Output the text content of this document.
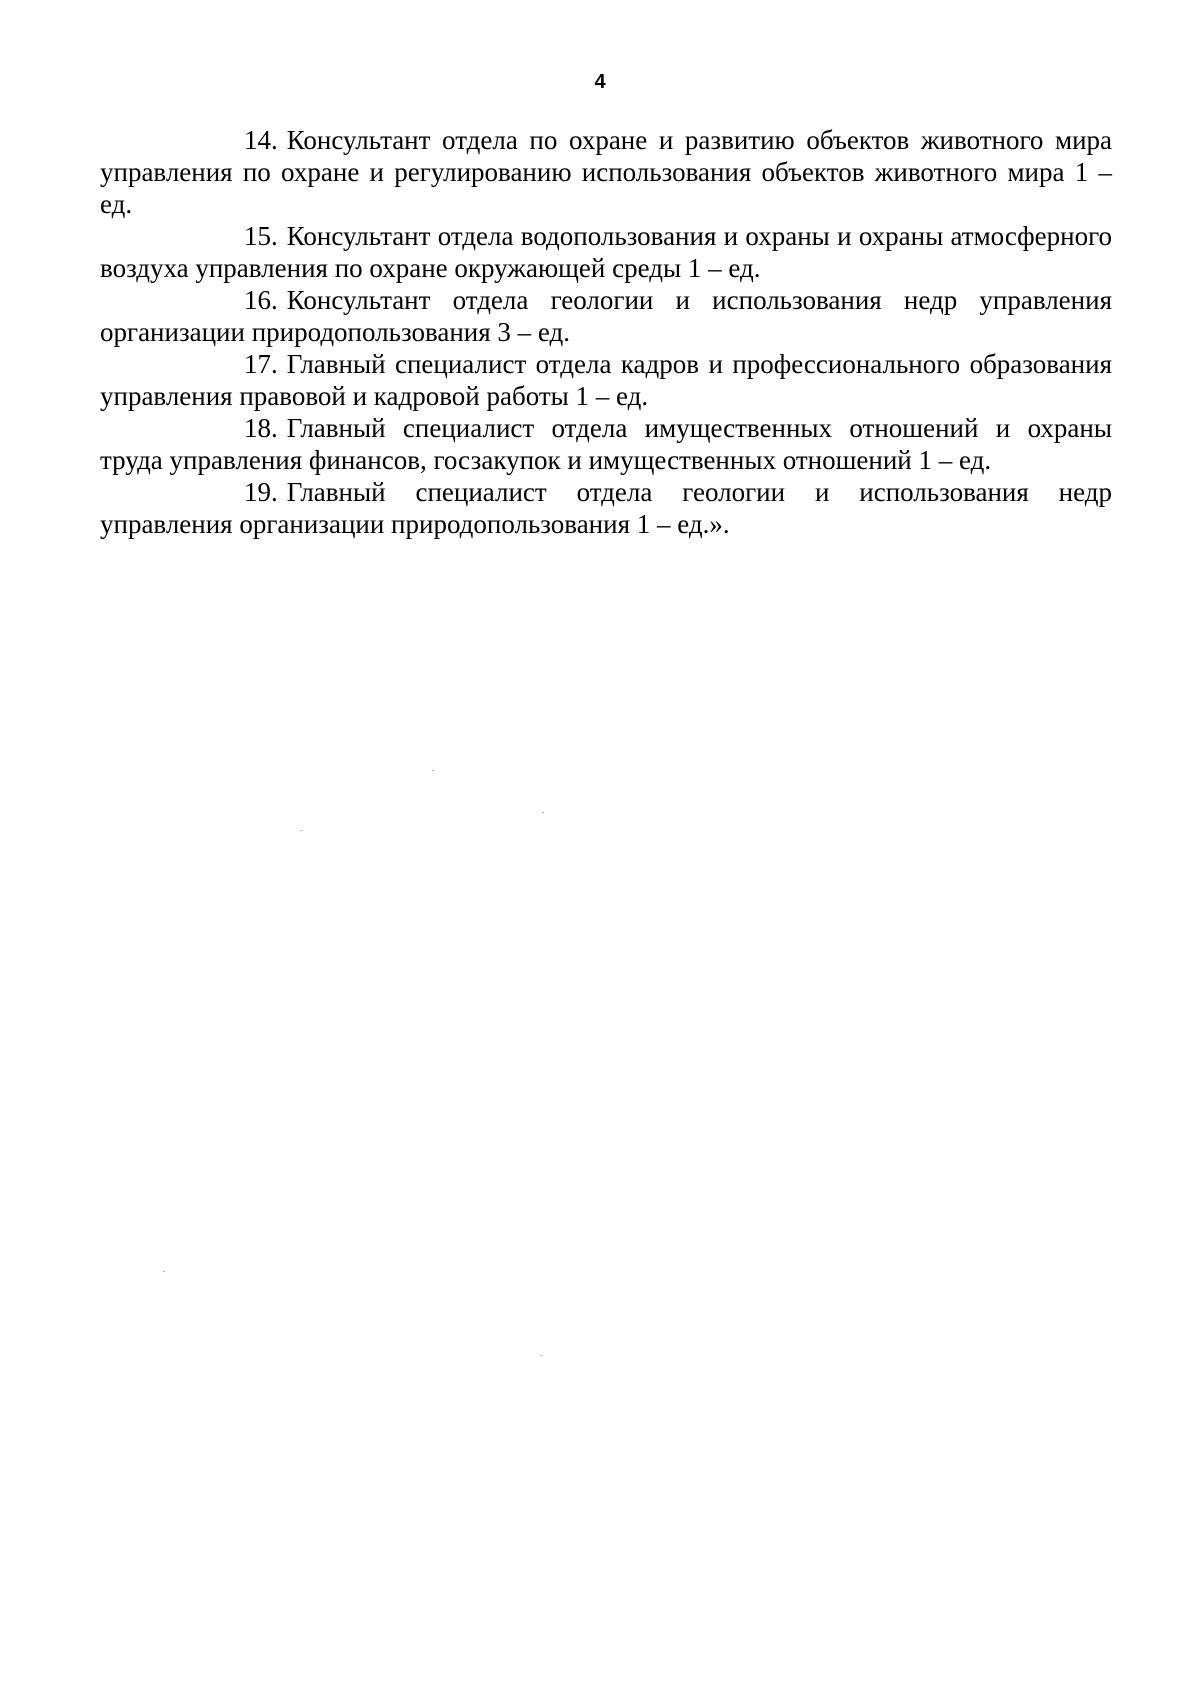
4

14. Консультант отдела по охране и развитию объектов животного мира управления по охране и регулированию использования объектов животного мира 1 – ед.

15. Консультант отдела водопользования и охраны и охраны атмосферного воздуха управления по охране окружающей среды 1 – ед.

16. Консультант отдела геологии и использования недр управления организации природопользования 3 – ед.

17. Главный специалист отдела кадров и профессионального образования управления правовой и кадровой работы 1 – ед.

18. Главный специалист отдела имущественных отношений и охраны труда управления финансов, госзакупок и имущественных отношений 1 – ед.

19. Главный специалист отдела геологии и использования недр управления организации природопользования 1 – ед.».
